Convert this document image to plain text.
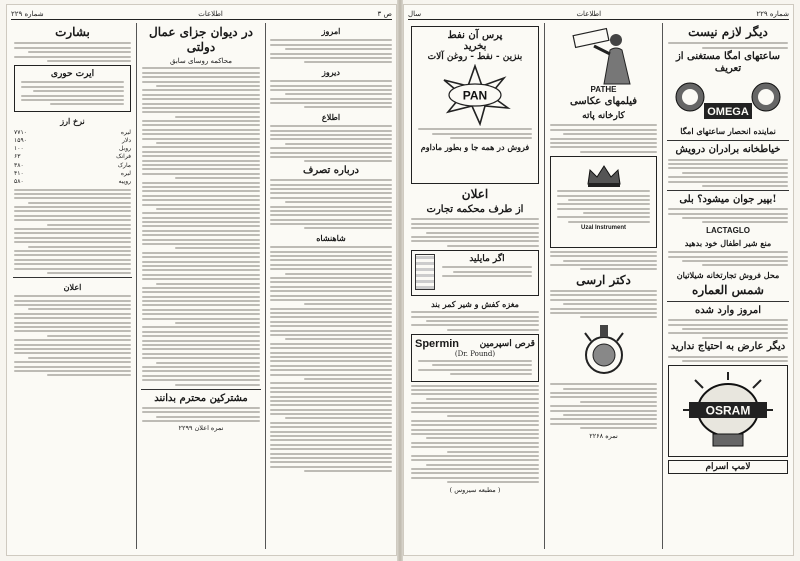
شماره ۲۲۹	اطلاعات	ص ۳
امروز
دیروز
اطلاع
درباره تصرف
شاهنشاه
در دیوان جزای عمال دولتی
محاکمه روسای سابق
مشترکین محترم بدانند
نمره اعلان ۲۲۹۹
بشارت
ایرت حوری
نرخ ارز
۷۷۱۰	لیره
۱۵۹۰	دلار
۱۰۰	روبل
۶۳	فرانک
۳۸۰	مارک
۴۱۰	لیره
۵۸۰	روپیه
اعلان
سال	اطلاعات	شماره ۲۲۹
پرس آن نفط
بخرید
بنزین - نفط - روغن آلات
PAN
فروش در همه جا و بطور ماداوم
اعلان
از طرف محکمه تجارت
اگر مایلید
مغزه کفش و شیر کمر بند
Spermin قرص اسپرمین
(Dr. Pound)
( مطبعه سیروس )
PATHE
فیلمهای عکاسی
کارخانه پاته
Uzal Instrument
دکتر ارسی
نمره ۲۲۶۸
دیگر لازم نیست
ساعتهای امگا مستغنی از تعریف
OMEGA
نماینده انحصار ساعتهای امگا
خیاطخانه برادران درویش
بپیر جوان میشود؟ بلی!
LACTAGLO
منع شیر اطفال خود بدهید
محل فروش تجارتخانه شیلاتیان
شمس العماره
امروز وارد شده
دیگر عارض به احتیاج ندارید
OSRAM
لامپ اسرام
